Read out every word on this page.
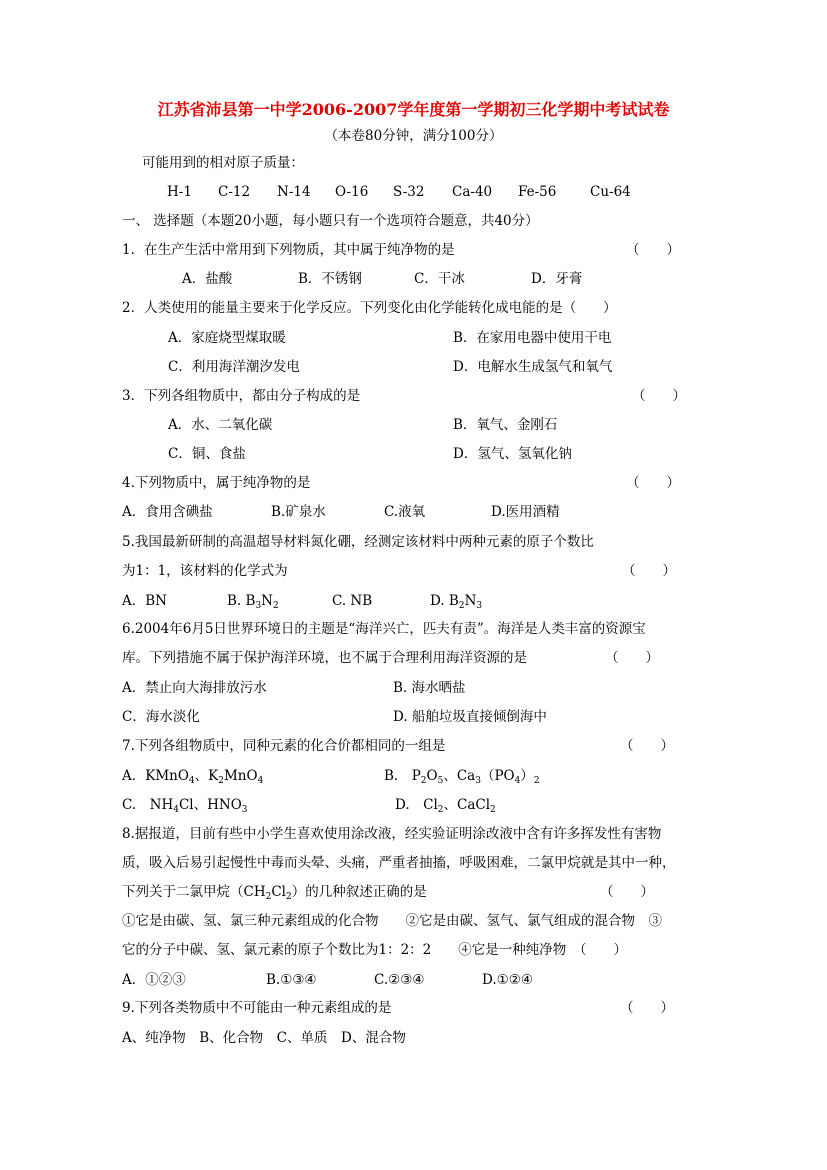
江苏省沛县第一中学2006-2007学年度第一学期初三化学期中考试试卷
（本卷80分钟，满分100分）
可能用到的相对原子质量：
H-1 C-12 N-14 O-16 S-32 Ca-40 Fe-56 Cu-64
一、 选择题（本题20小题，每小题只有一个选项符合题意，共40分）
1．在生产生活中常用到下列物质，其中属于纯净物的是	（　　）
A．盐酸	B．不锈钢	C．干冰	D．牙膏
2．人类使用的能量主要来于化学反应。下列变化由化学能转化成电能的是（　　）
A．家庭烧型煤取暖	B．在家用电器中使用干电
C．利用海洋潮汐发电	D．电解水生成氢气和氧气
3．下列各组物质中，都由分子构成的是	（　　）
A．水、二氧化碳	B．氧气、金刚石
C．铜、食盐	D．氢气、氢氧化钠
4.下列物质中，属于纯净物的是	（　　）
A．食用含碘盐	B.矿泉水	C.液氧	D.医用酒精
5.我国最新研制的高温超导材料氮化硼，经测定该材料中两种元素的原子个数比
为1：1，该材料的化学式为	（　　）
A．BN	B. $B_3N_2$	C. NB	D. $B_2N_3$
6.2004年6月5日世界环境日的主题是“海洋兴亡，匹夫有责”。海洋是人类丰富的资源宝
库。下列措施不属于保护海洋环境，也不属于合理利用海洋资源的是	（　　）
A．禁止向大海排放污水	B. 海水晒盐
C．海水淡化	D. 船舶垃圾直接倾倒海中
7.下列各组物质中，同种元素的化合价都相同的一组是	（　　）
A．KMnO$_4$、$K_2MnO_4$	B.　$P_2O_5$、$Ca_3(PO_4)_2$
C.　$NH_4Cl$、$HNO_3$	D.　$Cl_2$、CaCl$_2$
8.据报道，目前有些中小学生喜欢使用涂改液，经实验证明涂改液中含有许多挥发性有害物
质，吸入后易引起慢性中毒而头晕、头痛，严重者抽搐，呼吸困难，二氯甲烷就是其中一种，
下列关于二氯甲烷$(CH_2Cl_2)$的几种叙述正确的是	（　　）
①它是由碳、氢、氯三种元素组成的化合物　　②它是由碳、氢气、氯气组成的混合物　③
它的分子中碳、氢、氯元素的原子个数比为1：2：2　　④它是一种纯净物　（　　）
A．①②③	B.①③④	C.②③④	D.①②④
9.下列各类物质中不可能由一种元素组成的是	（　　）
A、纯净物　B、化合物　C、单质　D、混合物
